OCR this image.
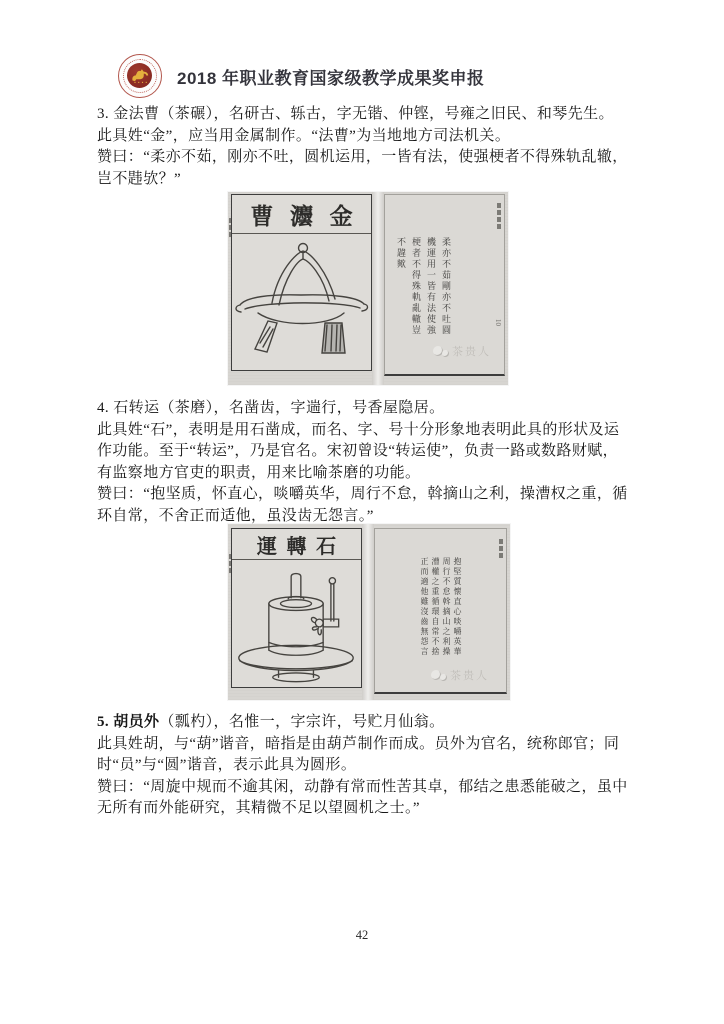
2018 年职业教育国家级教学成果奖申报
3. 金法曹（茶碾），名研古、轹古，字无锴、仲铿，号雍之旧民、和琴先生。
此具姓“金”，应当用金属制作。“法曹”为当地地方司法机关。
赞曰：“柔亦不茹，刚亦不吐，圆机运用，一皆有法，使强梗者不得殊轨乱辙，
岂不韪欤？”
曹 灋 金
柔亦不茹剛亦不吐圓
機運用一皆有法使強
梗者不得殊軌亂轍豈
不韙歟
10
茶贵人
4. 石转运（茶磨），名凿齿，字遄行，号香屋隐居。
此具姓“石”，表明是用石凿成，而名、字、号十分形象地表明此具的形状及运
作功能。至于“转运”，乃是官名。宋初曾设“转运使”，负责一路或数路财赋，
有监察地方官吏的职责，用来比喻茶磨的功能。
赞曰：“抱坚质，怀直心，啖嚼英华，周行不怠，斡摘山之利，操漕权之重，循
环自常，不舍正而适他，虽没齿无怨言。”
運 轉 石
抱堅質懷直心啖嚼英華
周行不怠斡摘山之利操
漕權之重循環自常不捨
正而適他雖沒齒無怨言
茶贵人
5. 胡员外（瓢杓），名惟一，字宗许，号贮月仙翁。
此具姓胡，与“葫”谐音，暗指是由葫芦制作而成。员外为官名，统称郎官；同
时“员”与“圆”谐音，表示此具为圆形。
赞曰：“周旋中规而不逾其闲，动静有常而性苦其卓，郁结之患悉能破之，虽中
无所有而外能研究，其精微不足以望圆机之士。”
42
